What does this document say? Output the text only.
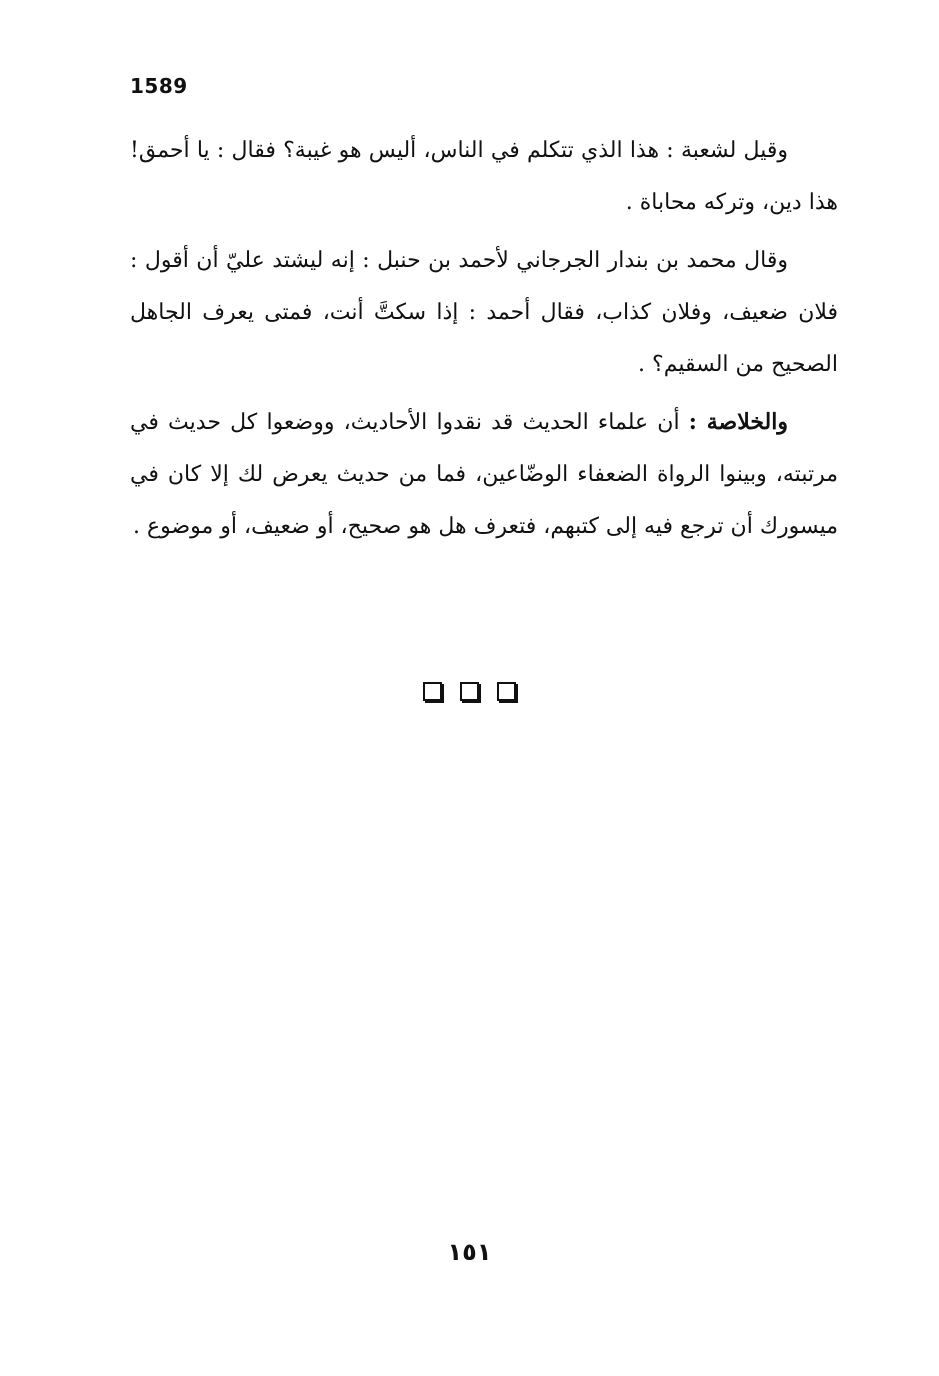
1589

وقيل لشعبة : هذا الذي تتكلم في الناس، أليس هو غيبة؟ فقال : يا أحمق! هذا دين، وتركه محاباة .

وقال محمد بن بندار الجرجاني لأحمد بن حنبل : إنه ليشتد عليّ أن أقول : فلان ضعيف، وفلان كذاب، فقال أحمد : إذا سكتَّ أنت، فمتى يعرف الجاهل الصحيح من السقيم؟ .

والخلاصة : أن علماء الحديث قد نقدوا الأحاديث، ووضعوا كل حديث في مرتبته، وبينوا الرواة الضعفاء الوضّاعين، فما من حديث يعرض لك إلا كان في ميسورك أن ترجع فيه إلى كتبهم، فتعرف هل هو صحيح، أو ضعيف، أو موضوع .

١٥١
